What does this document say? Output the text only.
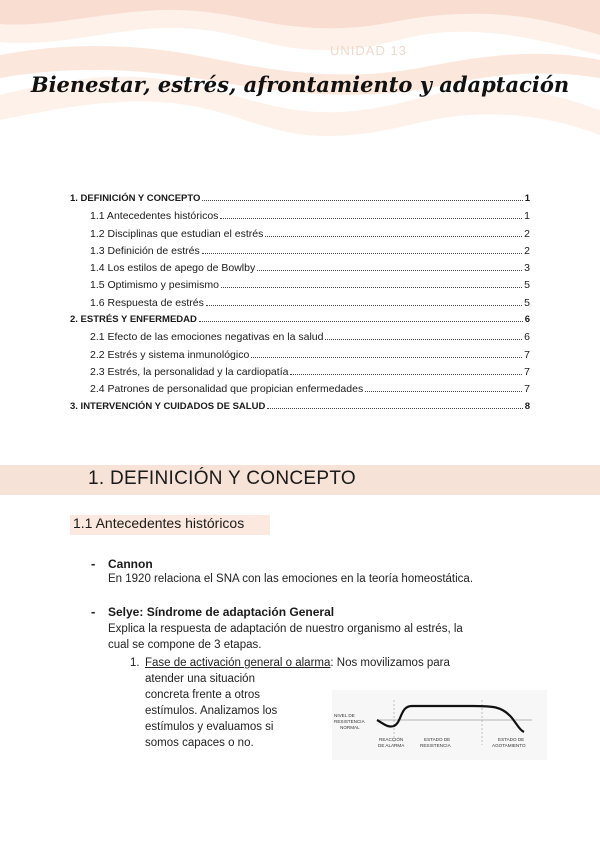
UNIDAD 13
Bienestar, estrés, afrontamiento y adaptación
1. DEFINICIÓN Y CONCEPTO	1
1.1 Antecedentes históricos	1
1.2 Disciplinas que estudian el estrés	2
1.3 Definición de estrés	2
1.4 Los estilos de apego de Bowlby	3
1.5 Optimismo y pesimismo	5
1.6 Respuesta de estrés	5
2. ESTRÉS Y ENFERMEDAD	6
2.1 Efecto de las emociones negativas en la salud	6
2.2 Estrés y sistema inmunológico	7
2.3 Estrés, la personalidad y la cardiopatía	7
2.4 Patrones de personalidad que propician enfermedades	7
3. INTERVENCIÓN Y CUIDADOS DE SALUD	8
1. DEFINICIÓN Y CONCEPTO
1.1 Antecedentes históricos
- Cannon
En 1920 relaciona el SNA con las emociones en la teoría homeostática.
- Selye: Síndrome de adaptación General
Explica la respuesta de adaptación de nuestro organismo al estrés, la
cual se compone de 3 etapas.
1. Fase de activación general o alarma: Nos movilizamos para
atender una situación
concreta frente a otros
estímulos. Analizamos los
estímulos y evaluamos si
somos capaces o no.
NIVEL DE
RESISTENCIA
NORMAL
REACCIÓN
DE ALARMA
ESTADO DE
RESISTENCIA
ESTADO DE
AGOTAMIENTO
